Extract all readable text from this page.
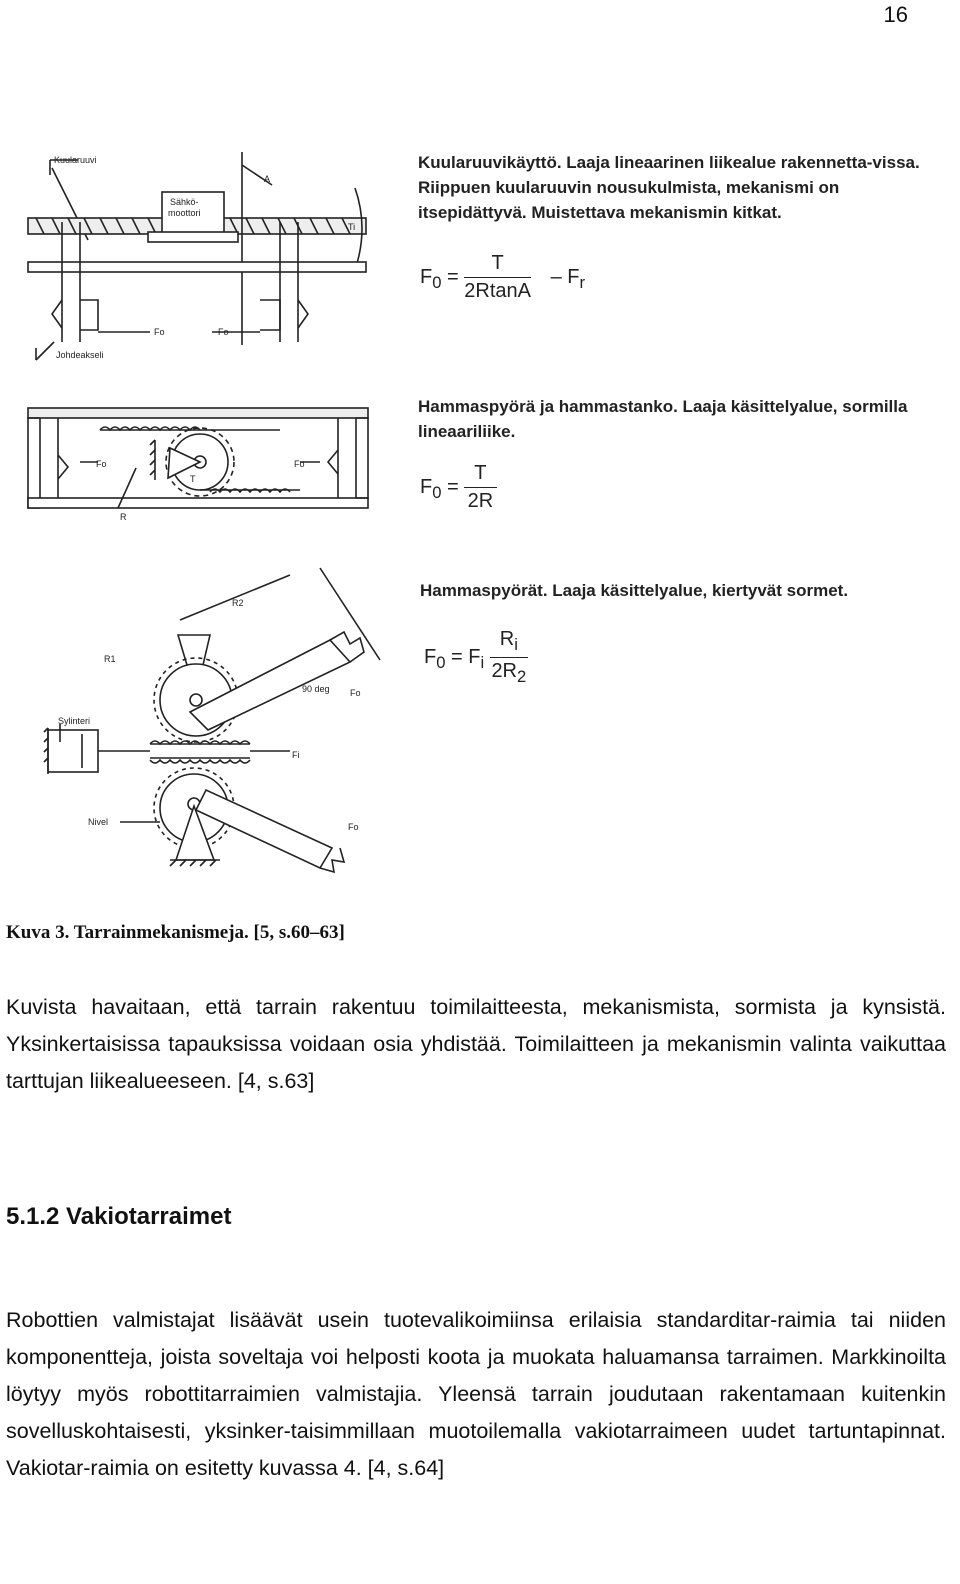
16
Kuularuuvi
Sähkö-
moottori
A
Ti
Fo	Fo
Johdeakseli
Fo	Fo
T
R
R1
R2
90 deg Fo
Sylinteri
Fi
Nivel	Fo
Kuularuuvikäyttö. Laaja lineaarinen liikealue rakennetta-vissa. Riippuen kuularuuvin nousukulmista, mekanismi on itsepidättyvä. Muistettava mekanismin kitkat.
$F_0 = \frac{T}{2RtanA} - F_r$
Hammaspyörä ja hammastanko. Laaja käsittelyalue, sormilla lineaariliike.
$F_0 = \frac{T}{2R}$
Hammaspyörät. Laaja käsittelyalue, kiertyvät sormet.
$F_0 = F_i \frac{R_i}{2R_2}$
Kuva 3. Tarrainmekanismeja. [5, s.60–63]

Kuvista havaitaan, että tarrain rakentuu toimilaitteesta, mekanismista, sormista ja kynsistä. Yksinkertaisissa tapauksissa voidaan osia yhdistää. Toimilaitteen ja mekanismin valinta vaikuttaa tarttujan liikealueeseen. [4, s.63]

5.1.2 Vakiotarraimet

Robottien valmistajat lisäävät usein tuotevalikoimiinsa erilaisia standarditar-raimia tai niiden komponentteja, joista soveltaja voi helposti koota ja muokata haluamansa tarraimen. Markkinoilta löytyy myös robottitarraimien valmistajia. Yleensä tarrain joudutaan rakentamaan kuitenkin sovelluskohtaisesti, yksinker-taisimmillaan muotoilemalla vakiotarraimeen uudet tartuntapinnat. Vakiotar-raimia on esitetty kuvassa 4. [4, s.64]
